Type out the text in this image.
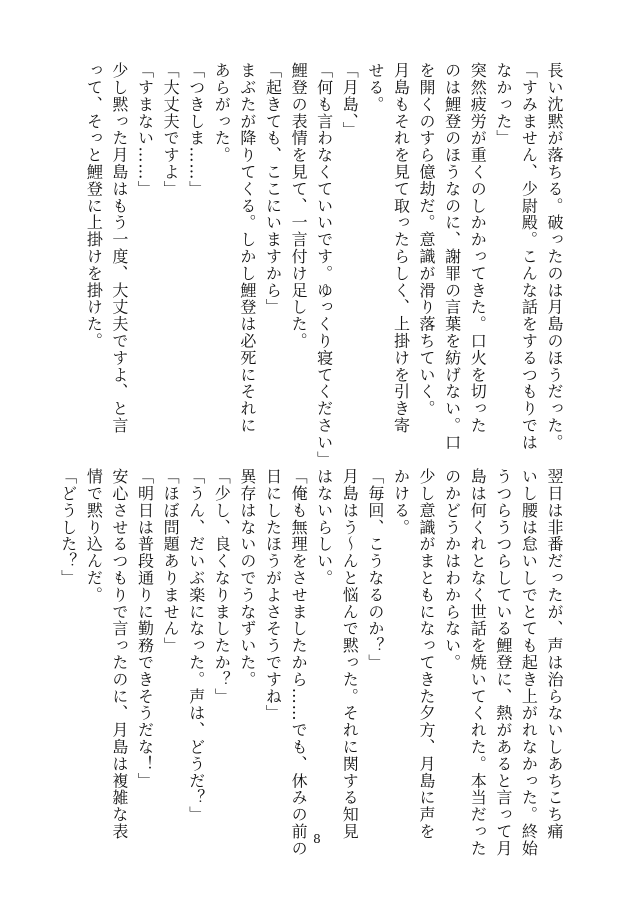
長い沈黙が落ちる。破ったのは月島のほうだった。
「すみません、少尉殿。こんな話をするつもりでは
なかった」
突然疲労が重くのしかかってきた。口火を切った
のは鯉登のほうなのに、謝罪の言葉を紡げない。口
を開くのすら億劫だ。意識が滑り落ちていく。
月島もそれを見て取ったらしく、上掛けを引き寄
せる。
「月島、」
「何も言わなくていいです。ゆっくり寝てください」
鯉登の表情を見て、一言付け足した。
「起きても、ここにいますから」
まぶたが降りてくる。しかし鯉登は必死にそれに
あらがった。
「つきしま……」
「大丈夫ですよ」
「すまない……」
少し黙った月島はもう一度、大丈夫ですよ、と言
って、そっと鯉登に上掛けを掛けた。
翌日は非番だったが、声は治らないしあちこち痛
いし腰は怠いしでとても起き上がれなかった。終始
うつらうつらしている鯉登に、熱があると言って月
島は何くれとなく世話を焼いてくれた。本当だった
のかどうかはわからない。
少し意識がまともになってきた夕方、月島に声を
かける。
「毎回、こうなるのか？」
月島はう〜んと悩んで黙った。それに関する知見
はないらしい。
「俺も無理をさせましたから……でも、休みの前の
日にしたほうがよさそうですね」
異存はないのでうなずいた。
「少し、良くなりましたか？」
「うん、だいぶ楽になった。声は、どうだ？」
「ほぼ問題ありません」
「明日は普段通りに勤務できそうだな！」
安心させるつもりで言ったのに、月島は複雑な表
情で黙り込んだ。
「どうした？」
8
